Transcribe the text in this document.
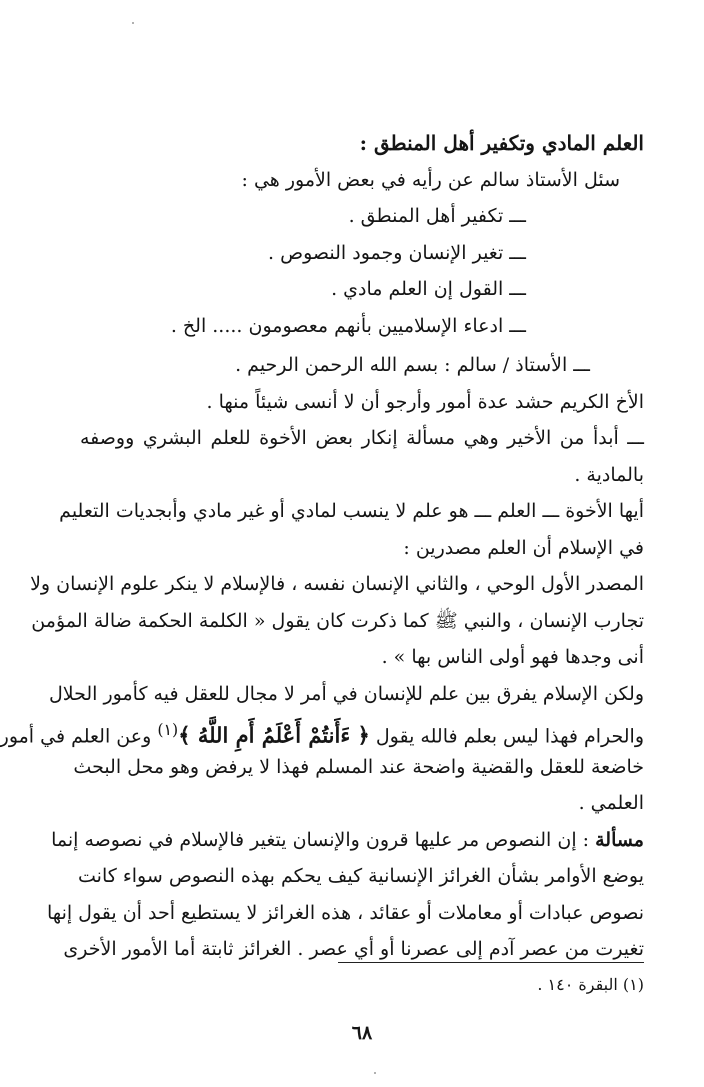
العلم المادي وتكفير أهل المنطق :
سئل الأستاذ سالم عن رأيه في بعض الأمور هي :
ـــ تكفير أهل المنطق .
ـــ تغير الإنسان وجمود النصوص .
ـــ القول إن العلم مادي .
ـــ ادعاء الإسلاميين بأنهم معصومون ..... الخ .
ـــ الأستاذ / سالم : بسم الله الرحمن الرحيم .
الأخ الكريم حشد عدة أمور وأرجو أن لا أنسى شيئاً منها .
ـــ أبدأ من الأخير وهي مسألة إنكار بعض الأخوة للعلم البشري ووصفه
بالمادية .
أيها الأخوة ـــ العلم ـــ هو علم لا ينسب لمادي أو غير مادي وأبجديات التعليم
في الإسلام أن العلم مصدرين :
المصدر الأول الوحي ، والثاني الإنسان نفسه ، فالإسلام لا ينكر علوم الإنسان ولا
تجارب الإنسان ، والنبي ﷺ كما ذكرت كان يقول « الكلمة الحكمة ضالة المؤمن
أنى وجدها فهو أولى الناس بها » .
ولكن الإسلام يفرق بين علم للإنسان في أمر لا مجال للعقل فيه كأمور الحلال
والحرام فهذا ليس بعلم فالله يقول ﴿ ءَأَنتُمْ أَعْلَمُ أَمِ اللَّهُ ﴾$^{(١)}$ وعن العلم في أمور
خاضعة للعقل والقضية واضحة عند المسلم فهذا لا يرفض وهو محل البحث
العلمي .
مسألة : إن النصوص مر عليها قرون والإنسان يتغير فالإسلام في نصوصه إنما
يوضع الأوامر بشأن الغرائز الإنسانية كيف يحكم بهذه النصوص سواء كانت
نصوص عبادات أو معاملات أو عقائد ، هذه الغرائز لا يستطيع أحد أن يقول إنها
تغيرت من عصر آدم إلى عصرنا أو أي عصر . الغرائز ثابتة أما الأمور الأخرى
(١) البقرة ١٤٠ .
٦٨
